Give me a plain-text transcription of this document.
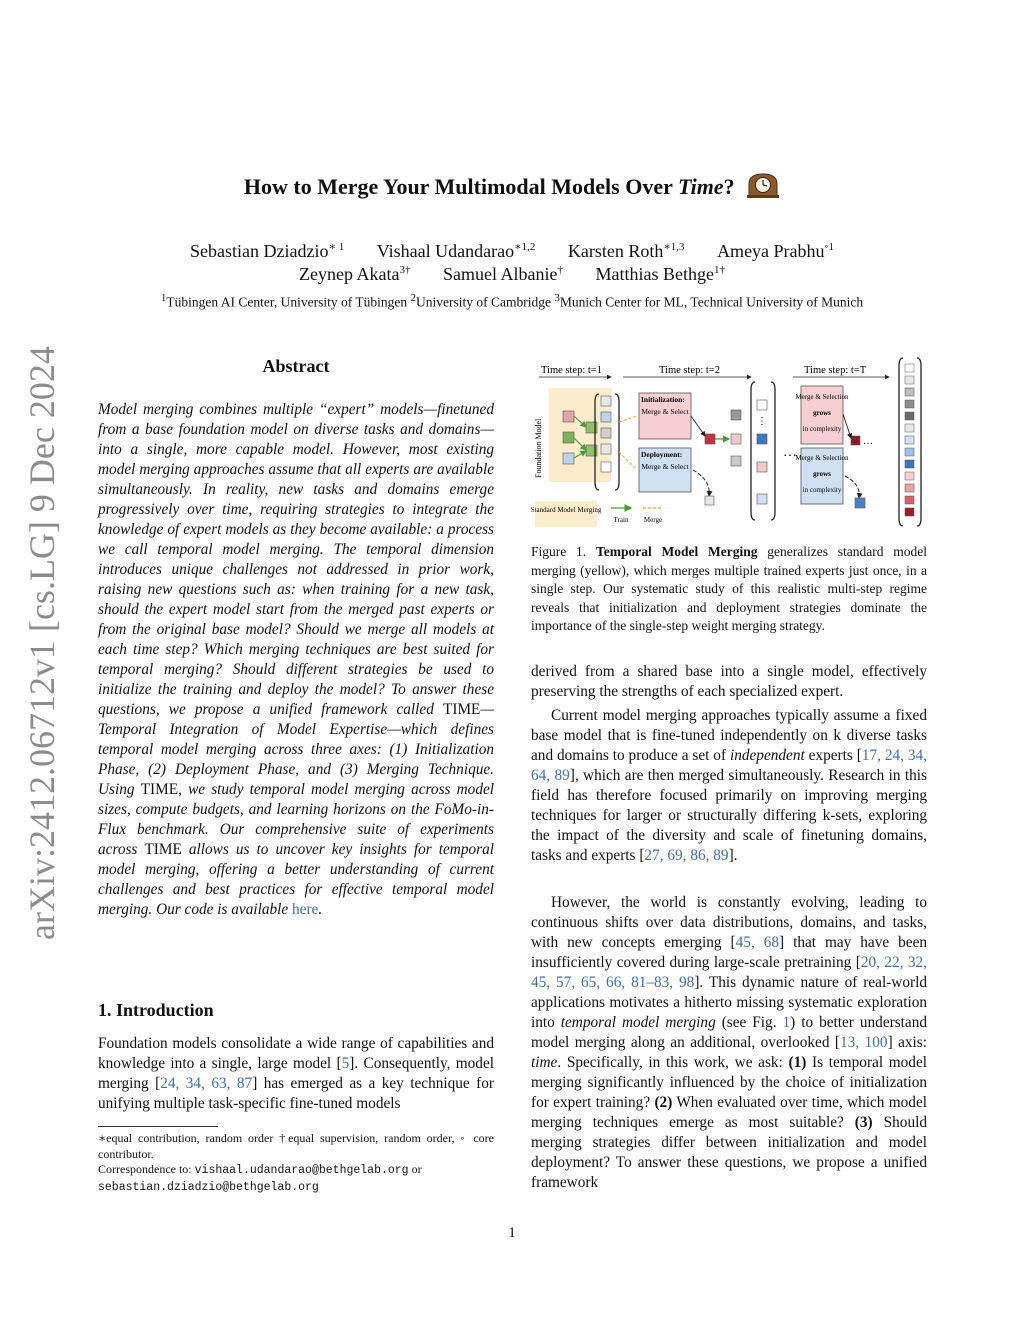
arXiv:2412.06712v1 [cs.LG] 9 Dec 2024
How to Merge Your Multimodal Models Over Time?
Sebastian Dziadzio$^{∗ 1}$ Vishaal Udandarao$^{∗1,2}$ Karsten Roth$^{∗1,3}$ Ameya Prabhu$^{◦1}$
Zeynep Akata$^{3\dagger}$ Samuel Albanie† Matthias Bethge$^{1\dagger}$
$^1$Tübingen AI Center, University of Tübingen $^2$University of Cambridge $^3$Munich Center for ML, Technical University of Munich
Abstract

Model merging combines multiple “expert” models—finetuned from a base foundation model on diverse tasks and domains—into a single, more capable model. However, most existing model merging approaches assume that all experts are available simultaneously. In reality, new tasks and domains emerge progressively over time, requiring strategies to integrate the knowledge of expert models as they become available: a process we call temporal model merging. The temporal dimension introduces unique challenges not addressed in prior work, raising new questions such as: when training for a new task, should the expert model start from the merged past experts or from the original base model? Should we merge all models at each time step? Which merging techniques are best suited for temporal merging? Should different strategies be used to initialize the training and deploy the model? To answer these questions, we propose a unified framework called TIME—Temporal Integration of Model Expertise—which defines temporal model merging across three axes: (1) Initialization Phase, (2) Deployment Phase, and (3) Merging Technique. Using TIME, we study temporal model merging across model sizes, compute budgets, and learning horizons on the FoMo-in-Flux benchmark. Our comprehensive suite of experiments across TIME allows us to uncover key insights for temporal model merging, offering a better understanding of current challenges and best practices for effective temporal model merging. Our code is available here.

1. Introduction

Foundation models consolidate a wide range of capabilities and knowledge into a single, large model [5]. Consequently, model merging [24, 34, 63, 87] has emerged as a key technique for unifying multiple task-specific fine-tuned models

∗equal contribution, random order †equal supervision, random order, ◦ core contributor.
Correspondence to: vishaal.udandarao@bethgelab.org or
sebastian.dziadzio@bethgelab.org

Time step: t=1	Time step: t=2	Time step: t=T
Foundation Model
Initialization:
Merge & Select
Deployment:
Merge & Select
⋮
…
Merge & Selection
grows
in complexity
Merge & Selection
grows
in complexity
…
Standard Model Merging
Train Merge

Figure 1. Temporal Model Merging generalizes standard model merging (yellow), which merges multiple trained experts just once, in a single step. Our systematic study of this realistic multi-step regime reveals that initialization and deployment strategies dominate the importance of the single-step weight merging strategy.

derived from a shared base into a single model, effectively preserving the strengths of each specialized expert.

Current model merging approaches typically assume a fixed base model that is fine-tuned independently on k diverse tasks and domains to produce a set of independent experts [17, 24, 34, 64, 89], which are then merged simultaneously. Research in this field has therefore focused primarily on improving merging techniques for larger or structurally differing k-sets, exploring the impact of the diversity and scale of finetuning domains, tasks and experts [27, 69, 86, 89].

However, the world is constantly evolving, leading to continuous shifts over data distributions, domains, and tasks, with new concepts emerging [45, 68] that may have been insufficiently covered during large-scale pretraining [20, 22, 32, 45, 57, 65, 66, 81–83, 98]. This dynamic nature of real-world applications motivates a hitherto missing systematic exploration into temporal model merging (see Fig. 1) to better understand model merging along an additional, overlooked [13, 100] axis: time. Specifically, in this work, we ask: (1) Is temporal model merging significantly influenced by the choice of initialization for expert training? (2) When evaluated over time, which model merging techniques emerge as most suitable? (3) Should merging strategies differ between initialization and model deployment? To answer these questions, we propose a unified framework

1
